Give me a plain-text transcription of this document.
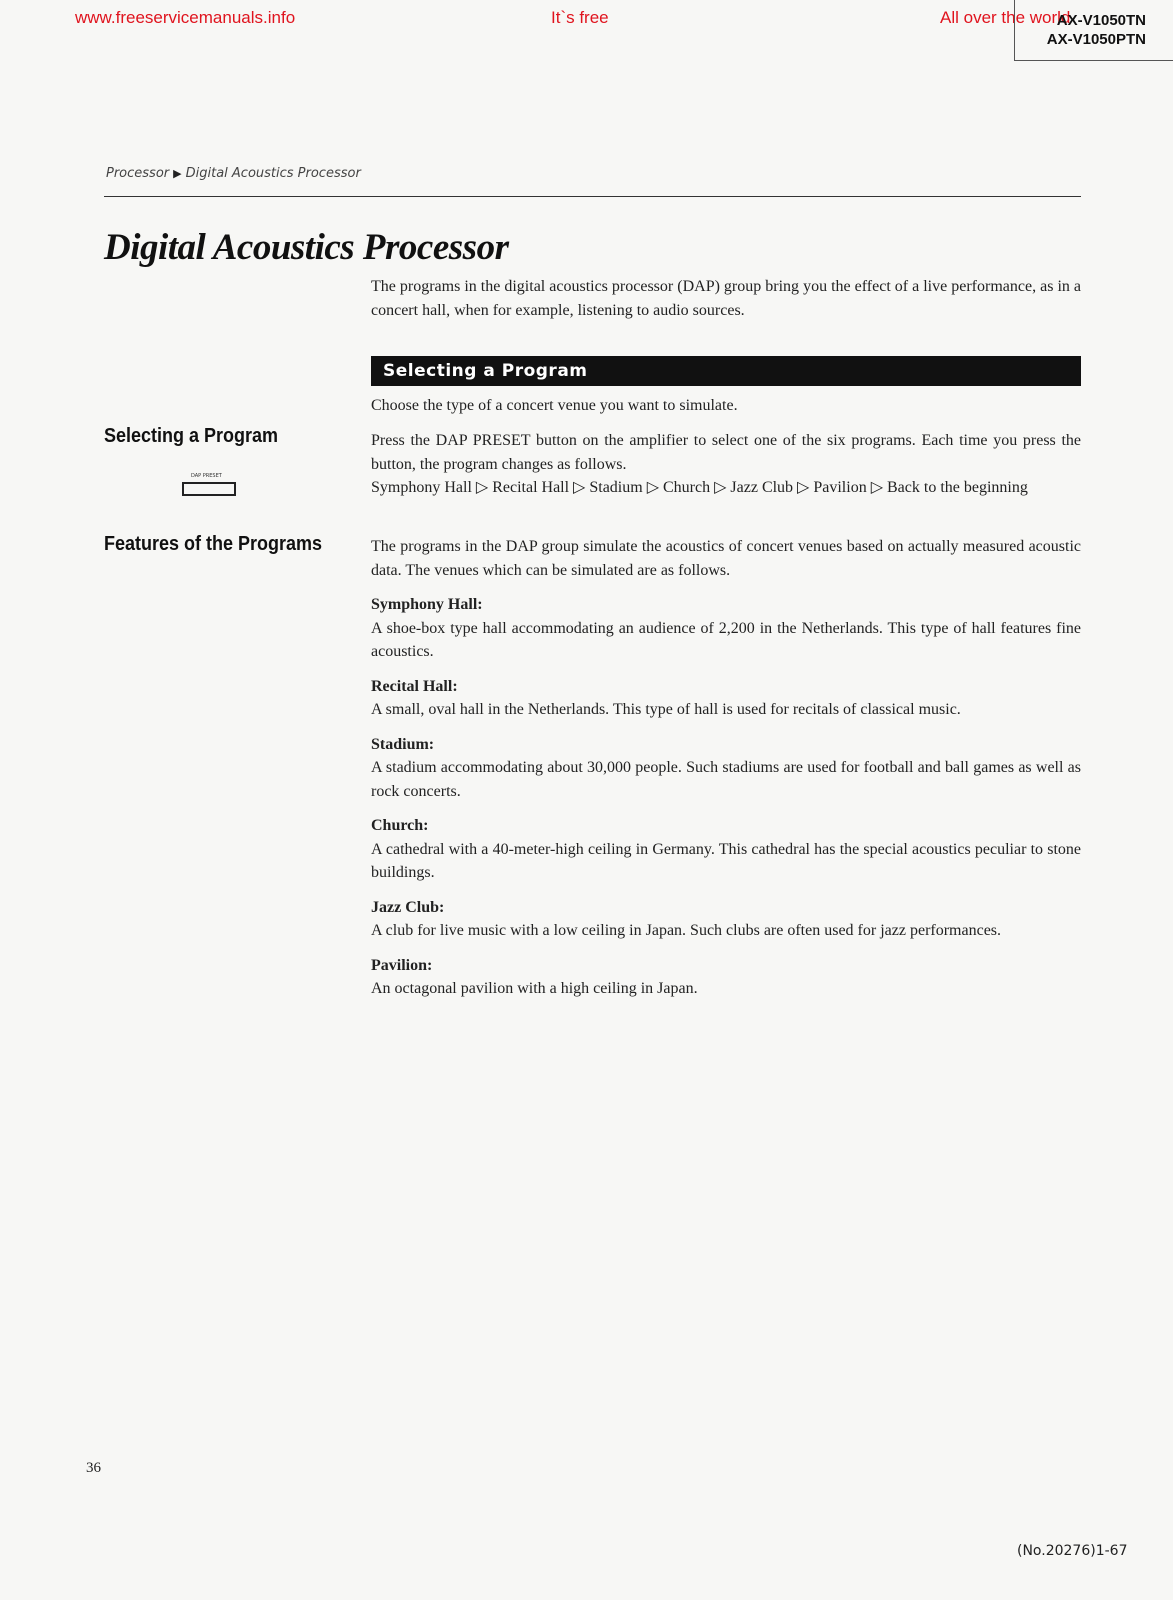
www.freeservicemanuals.info	It`s free	All over the world
AX-V1050TN
AX-V1050PTN
Processor ▶ Digital Acoustics Processor
Digital Acoustics Processor
The programs in the digital acoustics processor (DAP) group bring you the effect of a live performance, as in a concert hall, when for example, listening to audio sources.
Selecting a Program
Choose the type of a concert venue you want to simulate.
Selecting a Program
DAP PRESET
Press the DAP PRESET button on the amplifier to select one of the six programs. Each time you press the button, the program changes as follows.
Symphony Hall ▷ Recital Hall ▷ Stadium ▷ Church ▷ Jazz Club ▷ Pavilion ▷ Back to the beginning
Features of the Programs	The programs in the DAP group simulate the acoustics of concert venues based on actually measured acoustic data. The venues which can be simulated are as follows.
Symphony Hall:
A shoe-box type hall accommodating an audience of 2,200 in the Netherlands. This type of hall features fine acoustics.
Recital Hall:
A small, oval hall in the Netherlands. This type of hall is used for recitals of classical music.
Stadium:
A stadium accommodating about 30,000 people. Such stadiums are used for football and ball games as well as rock concerts.
Church:
A cathedral with a 40-meter-high ceiling in Germany. This cathedral has the special acoustics peculiar to stone buildings.
Jazz Club:
A club for live music with a low ceiling in Japan. Such clubs are often used for jazz performances.
Pavilion:
An octagonal pavilion with a high ceiling in Japan.
36
(No.20276)1-67
